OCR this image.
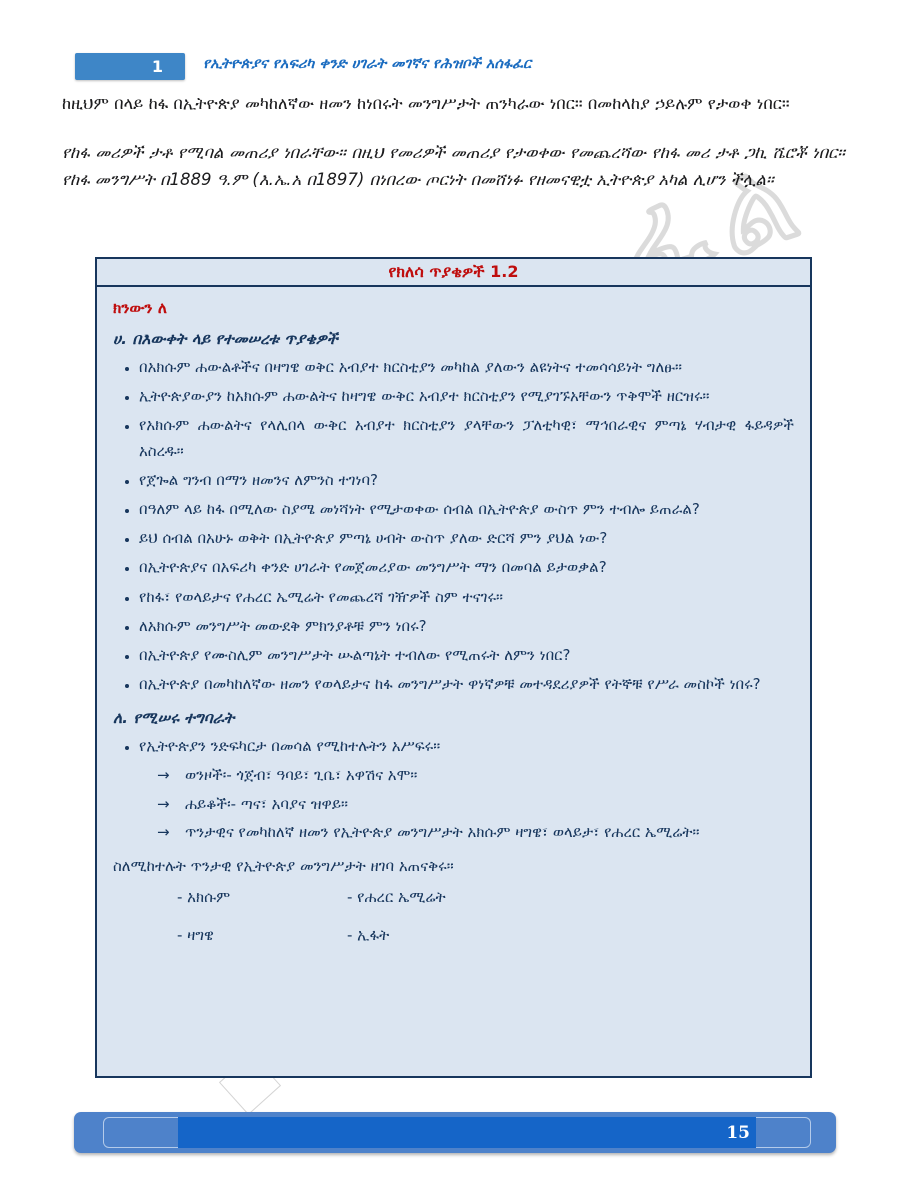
ፈል
1	የኢትዮጵያና የአፍሪካ ቀንድ ሀገራት መገኛና የሕዝቦች አሰፋፈር

ከዚህም በላይ ከፋ በኢትዮጵያ መካከለኛው ዘመን ከነበሩት መንግሥታት ጠንካራው ነበር። በመከላከያ ኃይሉም የታወቀ ነበር።

የከፋ መሪዎች ታቶ የሚባል መጠሪያ ነበራቸው። በዚህ የመሪዎች መጠሪያ የታወቀው የመጨረሻው የከፋ መሪ ታቶ ጋኪ ሼሮቾ ነበር። የከፋ መንግሥት በ1889 ዓ.ም (እ.ኤ.አ በ1897) በነበረው ጦርነት በመሸነፉ የዘመናዊቷ ኢትዮጵያ አካል ሊሆን ችሏል።

የክለሳ ጥያቄዎች 1.2
ክንውን ለ
ሀ. በእውቀት ላይ የተመሠረቱ ጥያቄዎች
• በአክሱም ሐውልቶችና በዛግዌ ወቅር አብያተ ክርስቲያን መካከል ያለውን ልዩነትና ተመሳሳይነት ግለፁ።
• ኢትዮጵያውያን ከአክሱም ሐውልትና ከዛግዌ ውቅር አብያተ ክርስቲያን የሚያገኙአቸውን ጥቅሞች ዘርዝሩ።
• የአክሱም ሐውልትና የላሊበላ ውቅር አብያተ ክርስቲያን ያላቸውን ፓለቲካዊ፣ ማኅበራዊና ምጣኔ ሃብታዊ ፋይዳዎች አስረዱ።
• የጀጐል ግንብ በማን ዘመንና ለምንስ ተገነባ?
• በዓለም ላይ ከፋ በሚለው ስያሜ መነሻነት የሚታወቀው ሰብል በኢትዮጵያ ውስጥ ምን ተብሎ ይጠራል?
• ይህ ሰብል በአሁኑ ወቅት በኢትዮጵያ ምጣኔ ሀብት ውስጥ ያለው ድርሻ ምን ያህል ነው?
• በኢትዮጵያና በአፍሪካ ቀንድ ሀገራት የመጀመሪያው መንግሥት ማን በመባል ይታወቃል?
• የከፋ፣ የወላይታና የሐረር ኤሚሬት የመጨረሻ ገዥዎች ስም ተናገሩ።
• ለአክሱም መንግሥት መውደቅ ምክንያቶቹ ምን ነበሩ?
• በኢትዮጵያ የሙስሊም መንግሥታት ሡልጣኔት ተብለው የሚጠሩት ለምን ነበር?
• በኢትዮጵያ በመካከለኛው ዘመን የወላይታና ከፋ መንግሥታት ዋነኛዎቹ መተዳደሪያዎች የትኞቹ የሥራ መስኮች ነበሩ?
ለ. የሚሠሩ ተግባራት
• የኢትዮጵያን ንድፍካርታ በመሳል የሚከተሉትን አሥፍሩ።
→	ወንዞች፡- ጎጀብ፣ ዓባይ፣ ጊቤ፣ አዋሽና አሞ።
→	ሐይቆች፡- ጣና፣ አባያና ዝዋይ።
→	ጥንታዊና የመካከለኛ ዘመን የኢትዮጵያ መንግሥታት አክሱም ዛግዌ፣ ወላይታ፣ የሐረር ኤሚሬት።
ስለሚከተሉት ጥንታዊ የኢትዮጵያ መንግሥታት ዘገባ አጠናቅሩ።
- አክሱም	- የሐረር ኤሚሬት
- ዛግዌ	- ኢፋት
15
